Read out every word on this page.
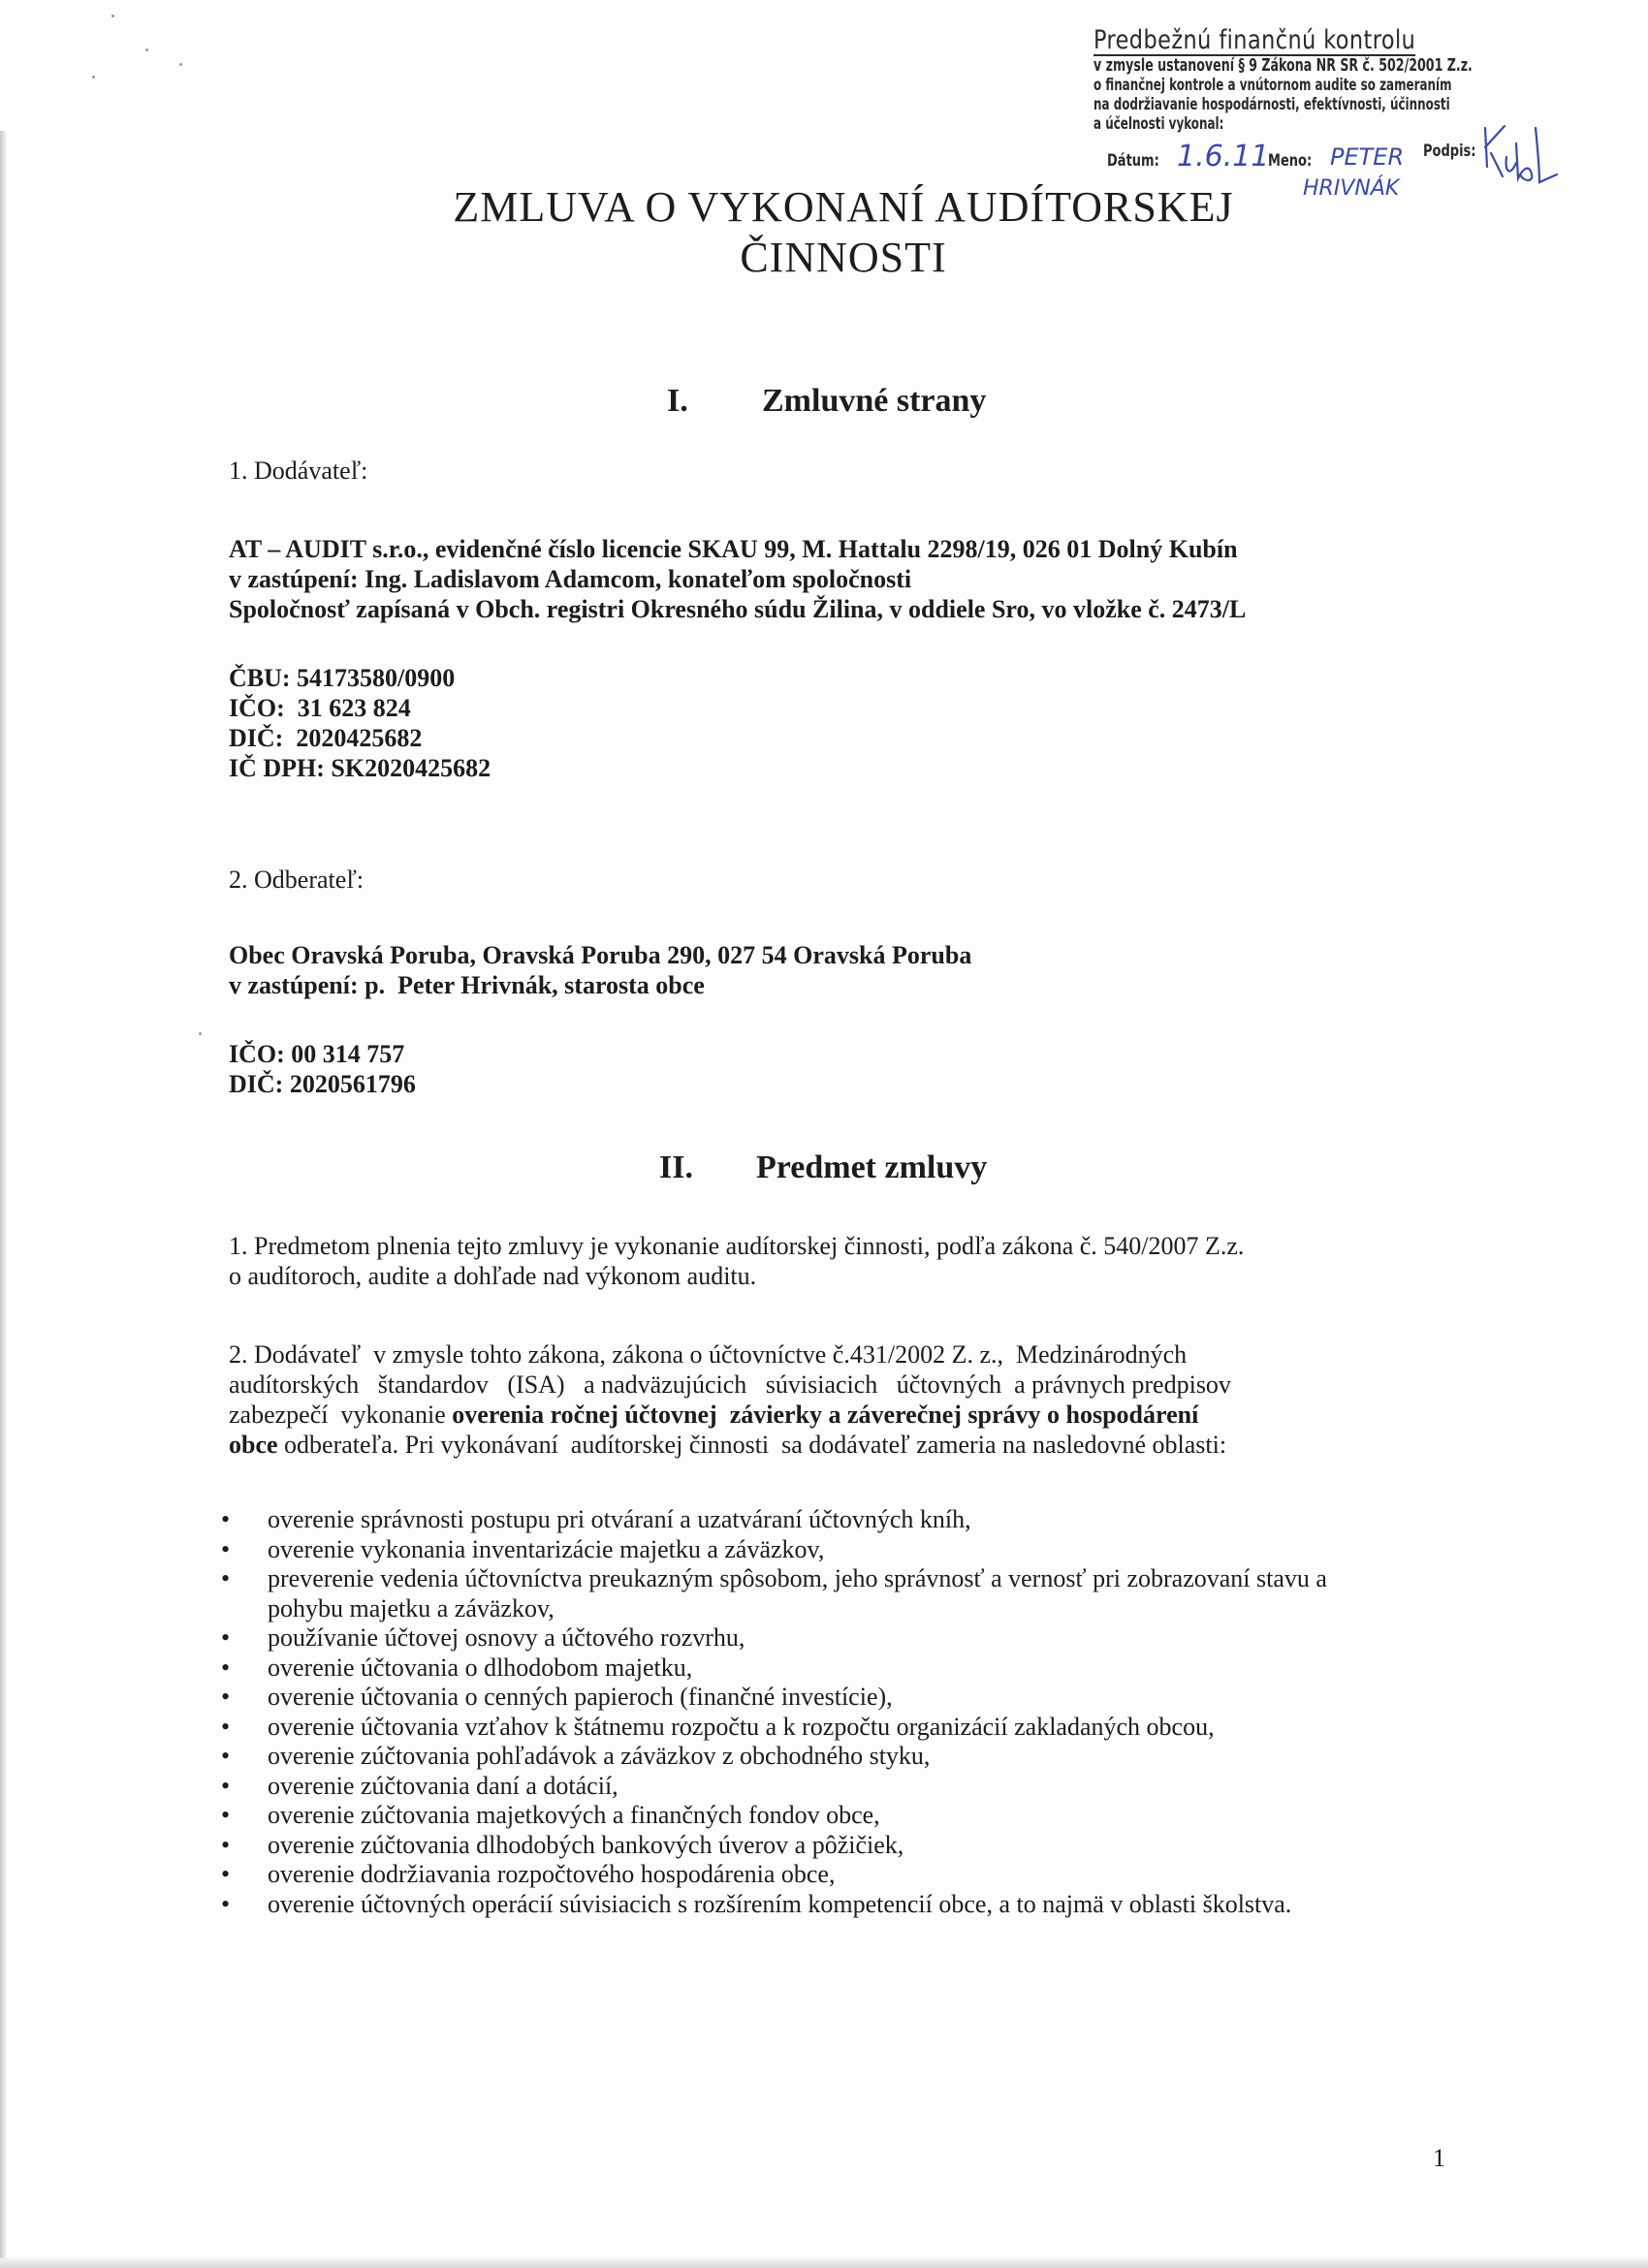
Predbežnú finančnú kontrolu
v zmysle ustanovení § 9 Zákona NR SR č. 502/2001 Z.z.
o finančnej kontrole a vnútornom audite so zameraním
na dodržiavanie hospodárnosti, efektívnosti, účinnosti
a účelnosti vykonal:
Dátum: 1.6.11
Meno: PETER
HRIVNÁK
Podpis:
ZMLUVA O VYKONANÍ AUDÍTORSKEJ
ČINNOSTI
I. Zmluvné strany
1. Dodávateľ:
AT – AUDIT s.r.o., evidenčné číslo licencie SKAU 99, M. Hattalu 2298/19, 026 01 Dolný Kubín
v zastúpení: Ing. Ladislavom Adamcom, konateľom spoločnosti
Spoločnosť zapísaná v Obch. registri Okresného súdu Žilina, v oddiele Sro, vo vložke č. 2473/L
ČBU: 54173580/0900
IČO:  31 623 824
DIČ:  2020425682
IČ DPH: SK2020425682
2. Odberateľ:
Obec Oravská Poruba, Oravská Poruba 290, 027 54 Oravská Poruba
v zastúpení: p.  Peter Hrivnák, starosta obce
IČO: 00 314 757
DIČ: 2020561796
II. Predmet zmluvy
1. Predmetom plnenia tejto zmluvy je vykonanie audítorskej činnosti, podľa zákona č. 540/2007 Z.z.
o audítoroch, audite a dohľade nad výkonom auditu.
2. Dodávateľ  v zmysle tohto zákona, zákona o účtovníctve č.431/2002 Z. z.,  Medzinárodných
audítorských   štandardov   (ISA)   a nadväzujúcich   súvisiacich   účtovných  a právnych predpisov
zabezpečí  vykonanie overenia ročnej účtovnej  závierky a záverečnej správy o hospodárení
obce odberateľa. Pri vykonávaní  audítorskej činnosti  sa dodávateľ zameria na nasledovné oblasti:
• overenie správnosti postupu pri otváraní a uzatváraní účtovných kníh,
• overenie vykonania inventarizácie majetku a záväzkov,
• preverenie vedenia účtovníctva preukazným spôsobom, jeho správnosť a vernosť pri zobrazovaní stavu a pohybu majetku a záväzkov,
• používanie účtovej osnovy a účtového rozvrhu,
• overenie účtovania o dlhodobom majetku,
• overenie účtovania o cenných papieroch (finančné investície),
• overenie účtovania vzťahov k štátnemu rozpočtu a k rozpočtu organizácií zakladaných obcou,
• overenie zúčtovania pohľadávok a záväzkov z obchodného styku,
• overenie zúčtovania daní a dotácií,
• overenie zúčtovania majetkových a finančných fondov obce,
• overenie zúčtovania dlhodobých bankových úverov a pôžičiek,
• overenie dodržiavania rozpočtového hospodárenia obce,
• overenie účtovných operácií súvisiacich s rozšírením kompetencií obce, a to najmä v oblasti školstva.
1
